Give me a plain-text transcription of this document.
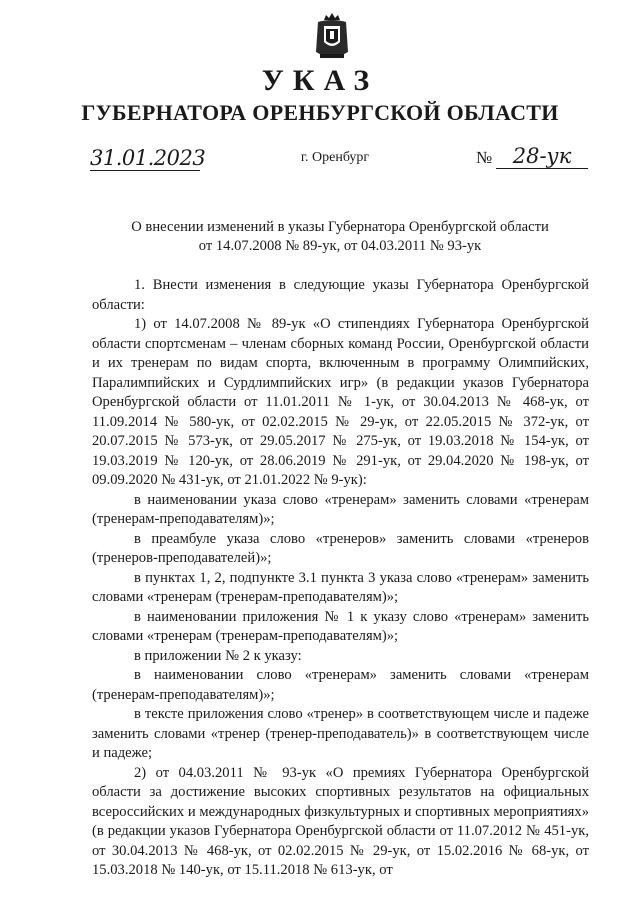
УКАЗ
ГУБЕРНАТОРА ОРЕНБУРГСКОЙ ОБЛАСТИ
31.01.2023	г. Оренбург	№ 28-ук
О внесении изменений в указы Губернатора Оренбургской области
от 14.07.2008 № 89-ук, от 04.03.2011 № 93-ук

1. Внести изменения в следующие указы Губернатора Оренбургской области:

1) от 14.07.2008 № 89-ук «О стипендиях Губернатора Оренбургской области спортсменам – членам сборных команд России, Оренбургской области и их тренерам по видам спорта, включенным в программу Олимпийских, Паралимпийских и Сурдлимпийских игр» (в редакции указов Губернатора Оренбургской области от 11.01.2011 № 1-ук, от 30.04.2013 № 468-ук, от 11.09.2014 № 580-ук, от 02.02.2015 № 29-ук, от 22.05.2015 № 372-ук, от 20.07.2015 № 573-ук, от 29.05.2017 № 275-ук, от 19.03.2018 № 154-ук, от 19.03.2019 № 120-ук, от 28.06.2019 № 291-ук, от 29.04.2020 № 198-ук, от 09.09.2020 № 431-ук, от 21.01.2022 № 9-ук):

в наименовании указа слово «тренерам» заменить словами «тренерам (тренерам-преподавателям)»;

в преамбуле указа слово «тренеров» заменить словами «тренеров (тренеров-преподавателей)»;

в пунктах 1, 2, подпункте 3.1 пункта 3 указа слово «тренерам» заменить словами «тренерам (тренерам-преподавателям)»;

в наименовании приложения № 1 к указу слово «тренерам» заменить словами «тренерам (тренерам-преподавателям)»;

в приложении № 2 к указу:

в наименовании слово «тренерам» заменить словами «тренерам (тренерам-преподавателям)»;

в тексте приложения слово «тренер» в соответствующем числе и падеже заменить словами «тренер (тренер-преподаватель)» в соответствующем числе и падеже;

2) от 04.03.2011 № 93-ук «О премиях Губернатора Оренбургской области за достижение высоких спортивных результатов на официальных всероссийских и международных физкультурных и спортивных мероприятиях» (в редакции указов Губернатора Оренбургской области от 11.07.2012 № 451-ук, от 30.04.2013 № 468-ук, от 02.02.2015 № 29-ук, от 15.02.2016 № 68-ук, от 15.03.2018 № 140-ук, от 15.11.2018 № 613-ук, от
